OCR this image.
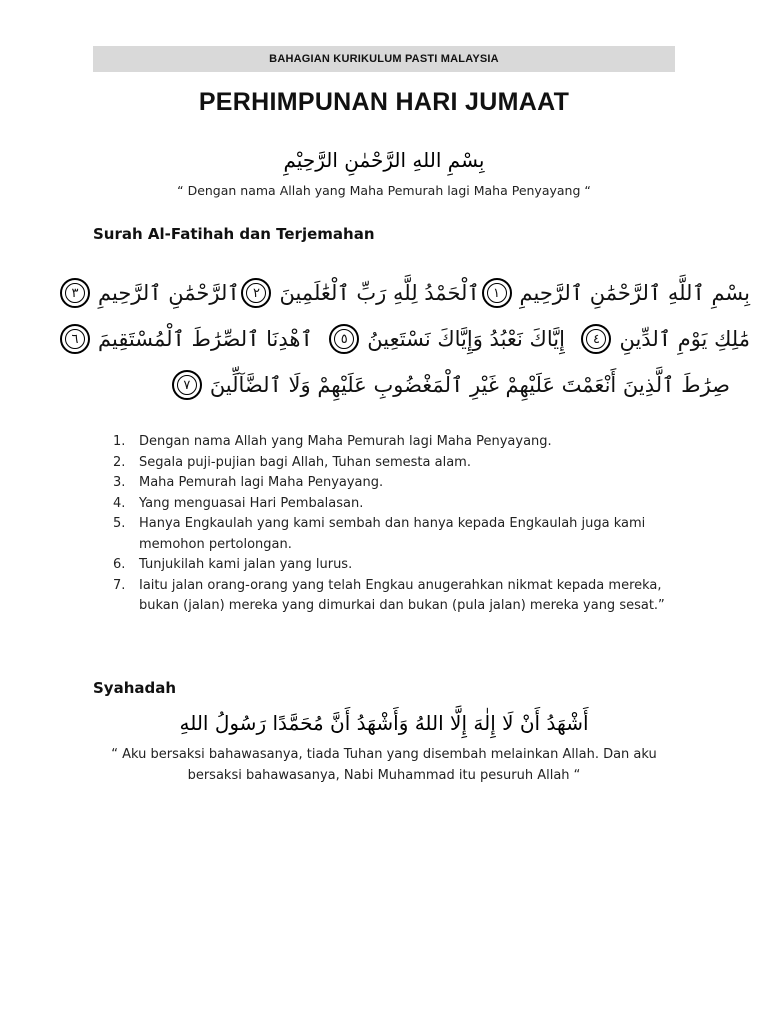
BAHAGIAN KURIKULUM PASTI MALAYSIA
PERHIMPUNAN HARI JUMAAT
بِسْمِ اللهِ الرَّحْمٰنِ الرَّحِيْمِ
“ Dengan nama Allah yang Maha Pemurah lagi Maha Penyayang “
Surah Al-Fatihah dan Terjemahan
بِسْمِ ٱللَّهِ ٱلرَّحْمَٰنِ ٱلرَّحِيمِ
١
ٱلْحَمْدُ لِلَّهِ رَبِّ ٱلْعَٰلَمِينَ
٢
ٱلرَّحْمَٰنِ ٱلرَّحِيمِ
٣
مَٰلِكِ يَوْمِ ٱلدِّينِ
٤
إِيَّاكَ نَعْبُدُ وَإِيَّاكَ نَسْتَعِينُ
٥
ٱهْدِنَا ٱلصِّرَٰطَ ٱلْمُسْتَقِيمَ
٦
صِرَٰطَ ٱلَّذِينَ أَنْعَمْتَ عَلَيْهِمْ غَيْرِ ٱلْمَغْضُوبِ عَلَيْهِمْ وَلَا ٱلضَّآلِّينَ
٧
1.	Dengan nama Allah yang Maha Pemurah lagi Maha Penyayang.
2.	Segala puji-pujian bagi Allah, Tuhan semesta alam.
3.	Maha Pemurah lagi Maha Penyayang.
4.	Yang menguasai Hari Pembalasan.
5.	Hanya Engkaulah yang kami sembah dan hanya kepada Engkaulah juga kami memohon pertolongan.
6.	Tunjukilah kami jalan yang lurus.
7.	Iaitu jalan orang-orang yang telah Engkau anugerahkan nikmat kepada mereka, bukan (jalan) mereka yang dimurkai dan bukan (pula jalan) mereka yang sesat.”
Syahadah
أَشْهَدُ أَنْ لَا إِلٰهَ إِلَّا اللهُ وَأَشْهَدُ أَنَّ مُحَمَّدًا رَسُولُ اللهِ
“ Aku bersaksi bahawasanya, tiada Tuhan yang disembah melainkan Allah. Dan aku bersaksi bahawasanya, Nabi Muhammad itu pesuruh Allah “
